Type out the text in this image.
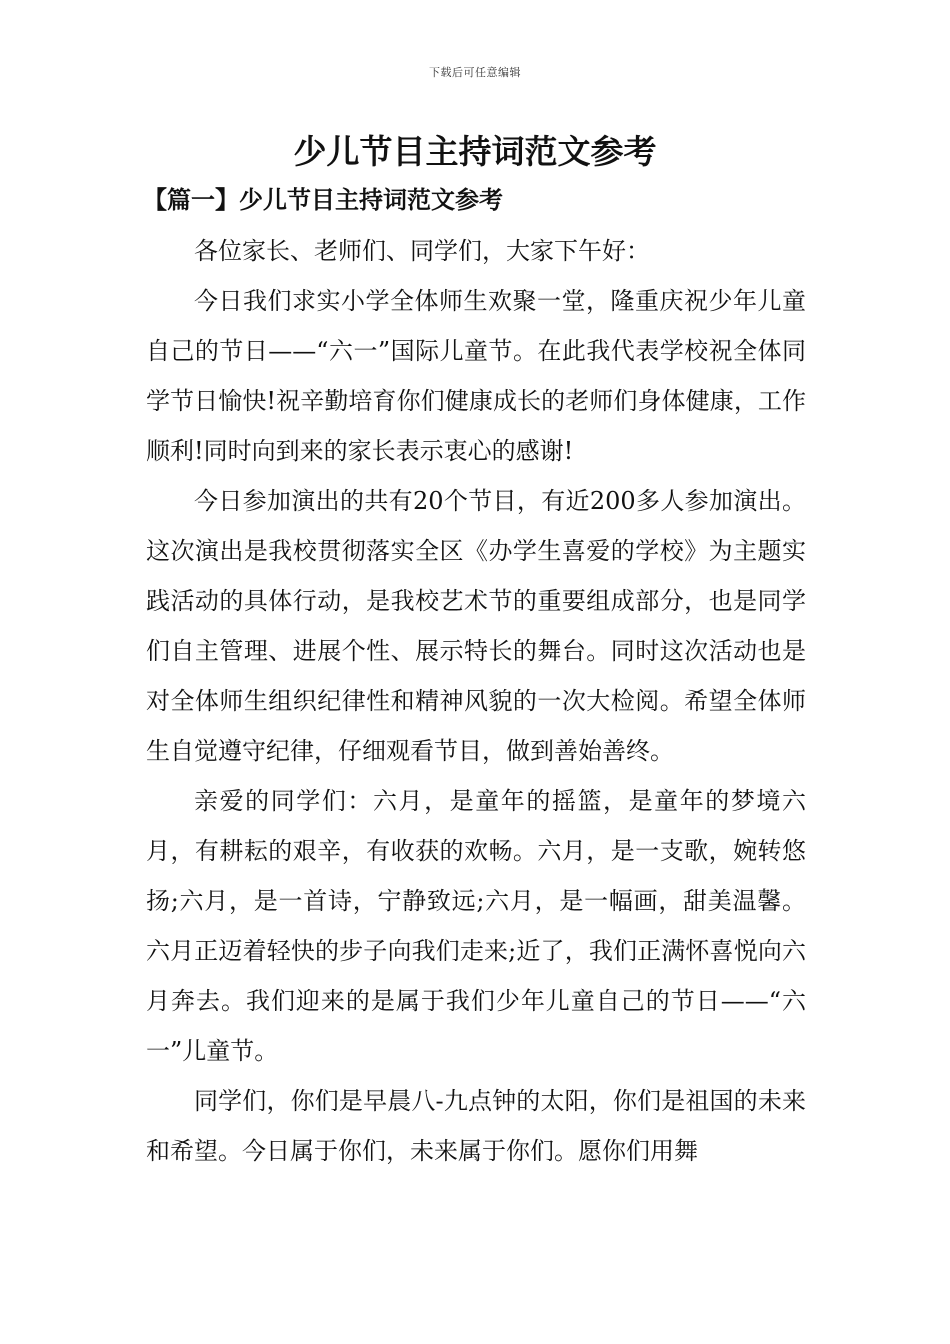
下载后可任意编辑
少儿节目主持词范文参考
【篇一】少儿节目主持词范文参考

各位家长、老师们、同学们，大家下午好：

今日我们求实小学全体师生欢聚一堂，隆重庆祝少年儿童自己的节日——“六一”国际儿童节。在此我代表学校祝全体同学节日愉快!祝辛勤培育你们健康成长的老师们身体健康，工作顺利!同时向到来的家长表示衷心的感谢!

今日参加演出的共有20个节目，有近200多人参加演出。这次演出是我校贯彻落实全区《办学生喜爱的学校》为主题实践活动的具体行动，是我校艺术节的重要组成部分，也是同学们自主管理、进展个性、展示特长的舞台。同时这次活动也是对全体师生组织纪律性和精神风貌的一次大检阅。希望全体师生自觉遵守纪律，仔细观看节目，做到善始善终。

亲爱的同学们：六月，是童年的摇篮，是童年的梦境六月，有耕耘的艰辛，有收获的欢畅。六月，是一支歌，婉转悠扬;六月，是一首诗，宁静致远;六月，是一幅画，甜美温馨。六月正迈着轻快的步子向我们走来;近了，我们正满怀喜悦向六月奔去。我们迎来的是属于我们少年儿童自己的节日——“六一”儿童节。

同学们，你们是早晨八-九点钟的太阳，你们是祖国的未来和希望。今日属于你们，未来属于你们。愿你们用舞
